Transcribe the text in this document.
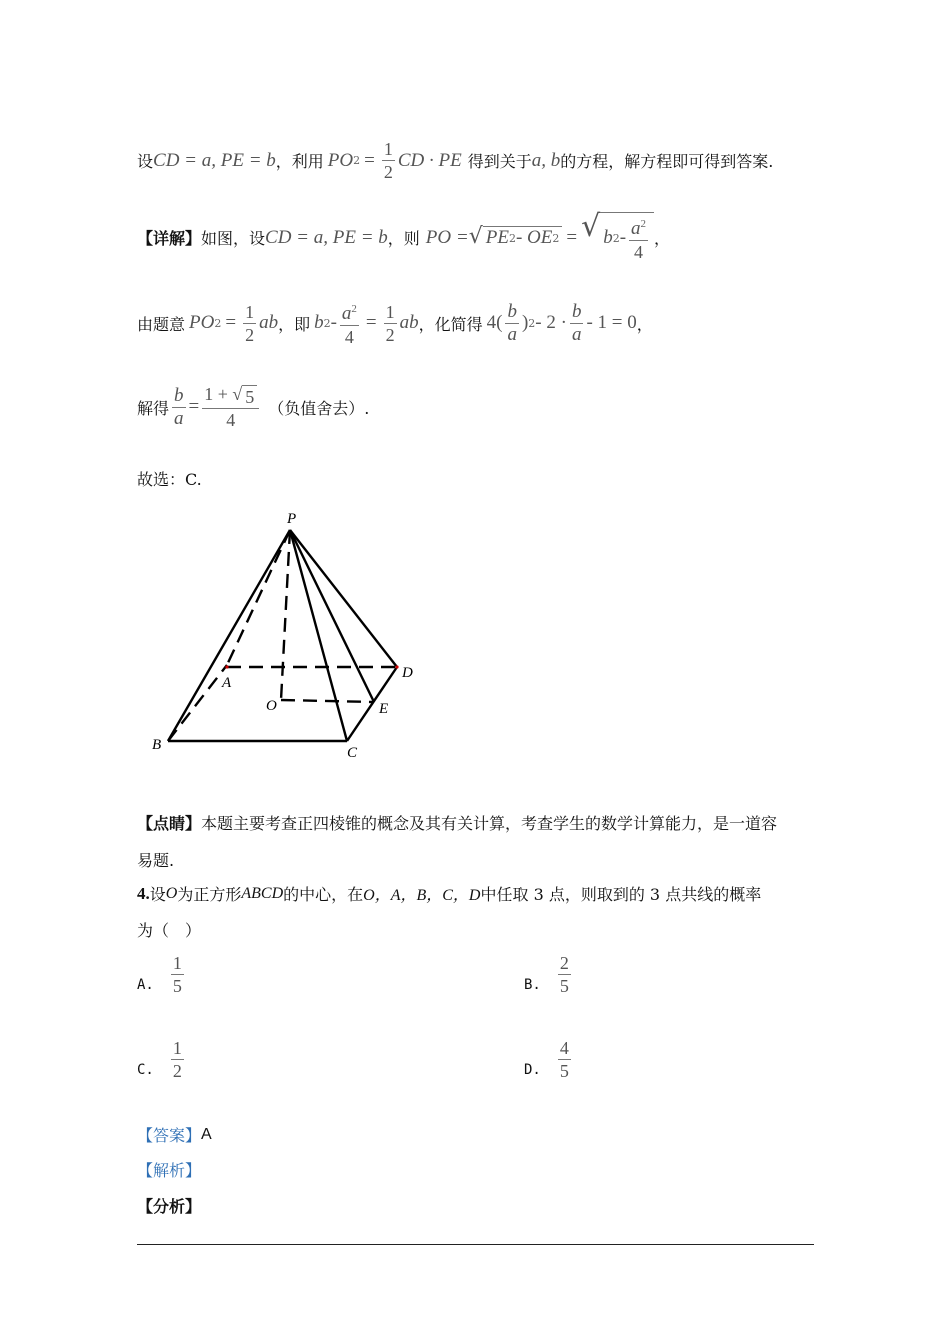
设 CD = a, PE = b ，利用 PO $2 = \frac{1}{2}$ CD · PE 得到关于 a, b 的方程，解方程即可得到答案.
【详解】 如图，设 CD = a, PE = b ，则 PO = √ PE 2 - OE 2 = √ b $2 - \frac{a^2}{4}$ ，
由题意 PO $2 = \frac{1}{2}$ ab ，即 b $2 - \frac{a^2}{4} = \frac{1}{2}$ ab ，化简得 $4( \frac{b}{a}$ ) $2 - 2 \cdot \frac{b}{a} - 1 = 0$ ，
解得 $\frac{b}{a} = \frac{1 + √ 5}{4}$ （负值舍去）.
故选：C.
P
A
D
O	E
B	C
【点睛】 本题主要考查正四棱锥的概念及其有关计算，考查学生的数学计算能力，是一道容
易题.
4. 设 O 为正方形 ABCD 的中心，在 O，A，B，C，D 中任取 3 点，则取到的 3 点共线的概率
为（　）
A. $\frac{1}{5}$	B. $\frac{2}{5}$
C. $\frac{1}{2}$	D. $\frac{4}{5}$
【答案】 A
【解析】
【分析】
